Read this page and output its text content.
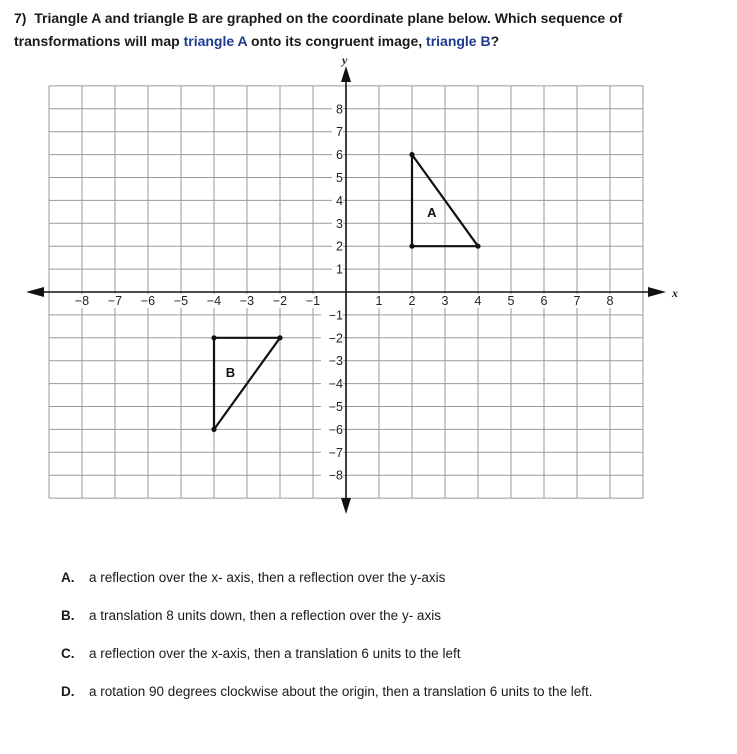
7) Triangle A and triangle B are graphed on the coordinate plane below. Which sequence of transformations will map triangle A onto its congruent image, triangle B?

−8 −7 −6 −5 −4 −3 −2 −1	1 2 3 4 5 6 7 8
8
7
6
5
4
3
2
1
−1
−2
−3
−4
−5
−6
−7
−8
A
B
x
y
A. a reflection over the x- axis, then a reflection over the y-axis
B. a translation 8 units down, then a reflection over the y- axis
C. a reflection over the x-axis, then a translation 6 units to the left
D. a rotation 90 degrees clockwise about the origin, then a translation 6 units to the left.
